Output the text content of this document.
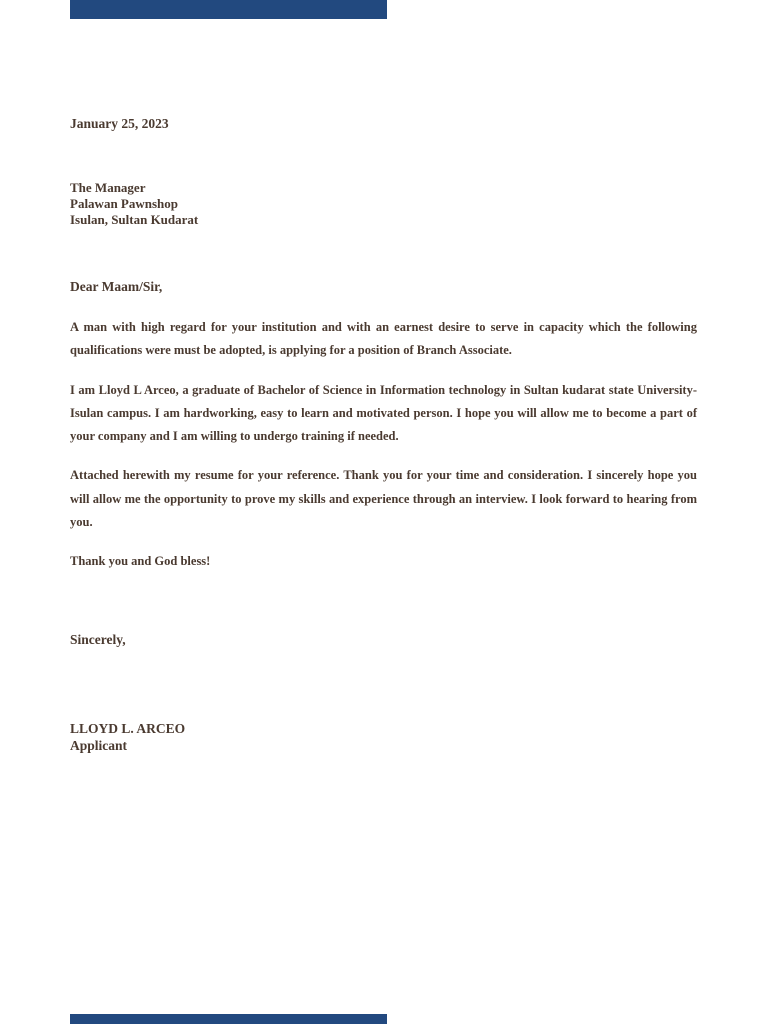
January 25, 2023
The Manager
Palawan Pawnshop
Isulan, Sultan Kudarat
Dear Maam/Sir,

A man with high regard for your institution and with an earnest desire to serve in capacity which the following qualifications were must be adopted, is applying for a position of Branch Associate.

I am Lloyd L Arceo, a graduate of Bachelor of Science in Information technology in Sultan kudarat state University-Isulan campus. I am hardworking, easy to learn and motivated person. I hope you will allow me to become a part of your company and I am willing to undergo training if needed.

Attached herewith my resume for your reference. Thank you for your time and consideration. I sincerely hope you will allow me the opportunity to prove my skills and experience through an interview. I look forward to hearing from you.

Thank you and God bless!

Sincerely,
LLOYD L. ARCEO
Applicant
